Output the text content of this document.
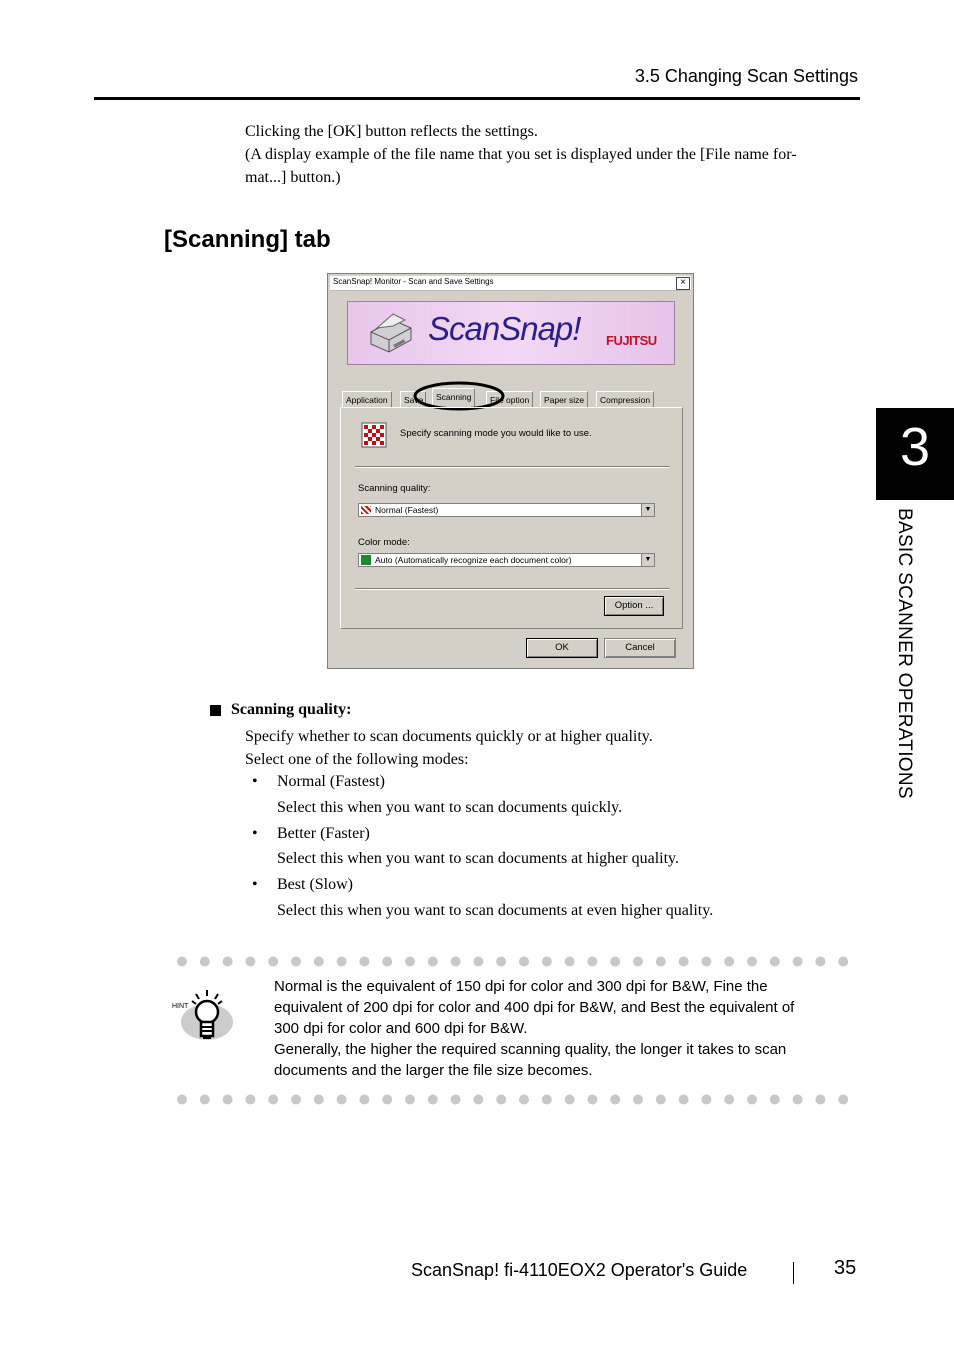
3.5 Changing Scan Settings
Clicking the [OK] button reflects the settings.
(A display example of the file name that you set is displayed under the [File name for-
mat...] button.)
[Scanning] tab
3
BASIC SCANNER OPERATIONS
ScanSnap! Monitor - Scan and Save Settings	×
ScanSnap! FUJITSU
Application	Save	Scanning	File option	Paper size	Compression
Specify scanning mode you would like to use.
Scanning quality:
Normal (Fastest)	▼
Color mode:
Auto (Automatically recognize each document color)	▼
Option ...
OK	Cancel
Scanning quality:
Specify whether to scan documents quickly or at higher quality.
Select one of the following modes:
• Normal (Fastest)
Select this when you want to scan documents quickly.
• Better (Faster)
Select this when you want to scan documents at higher quality.
• Best (Slow)
Select this when you want to scan documents at even higher quality.
HINT
Normal is the equivalent of 150 dpi for color and 300 dpi for B&W, Fine the
equivalent of 200 dpi for color and 400 dpi for B&W, and Best the equivalent of
300 dpi for color and 600 dpi for B&W.
Generally, the higher the required scanning quality, the longer it takes to scan
documents and the larger the file size becomes.
ScanSnap! fi-4110EOX2 Operator's Guide	35
